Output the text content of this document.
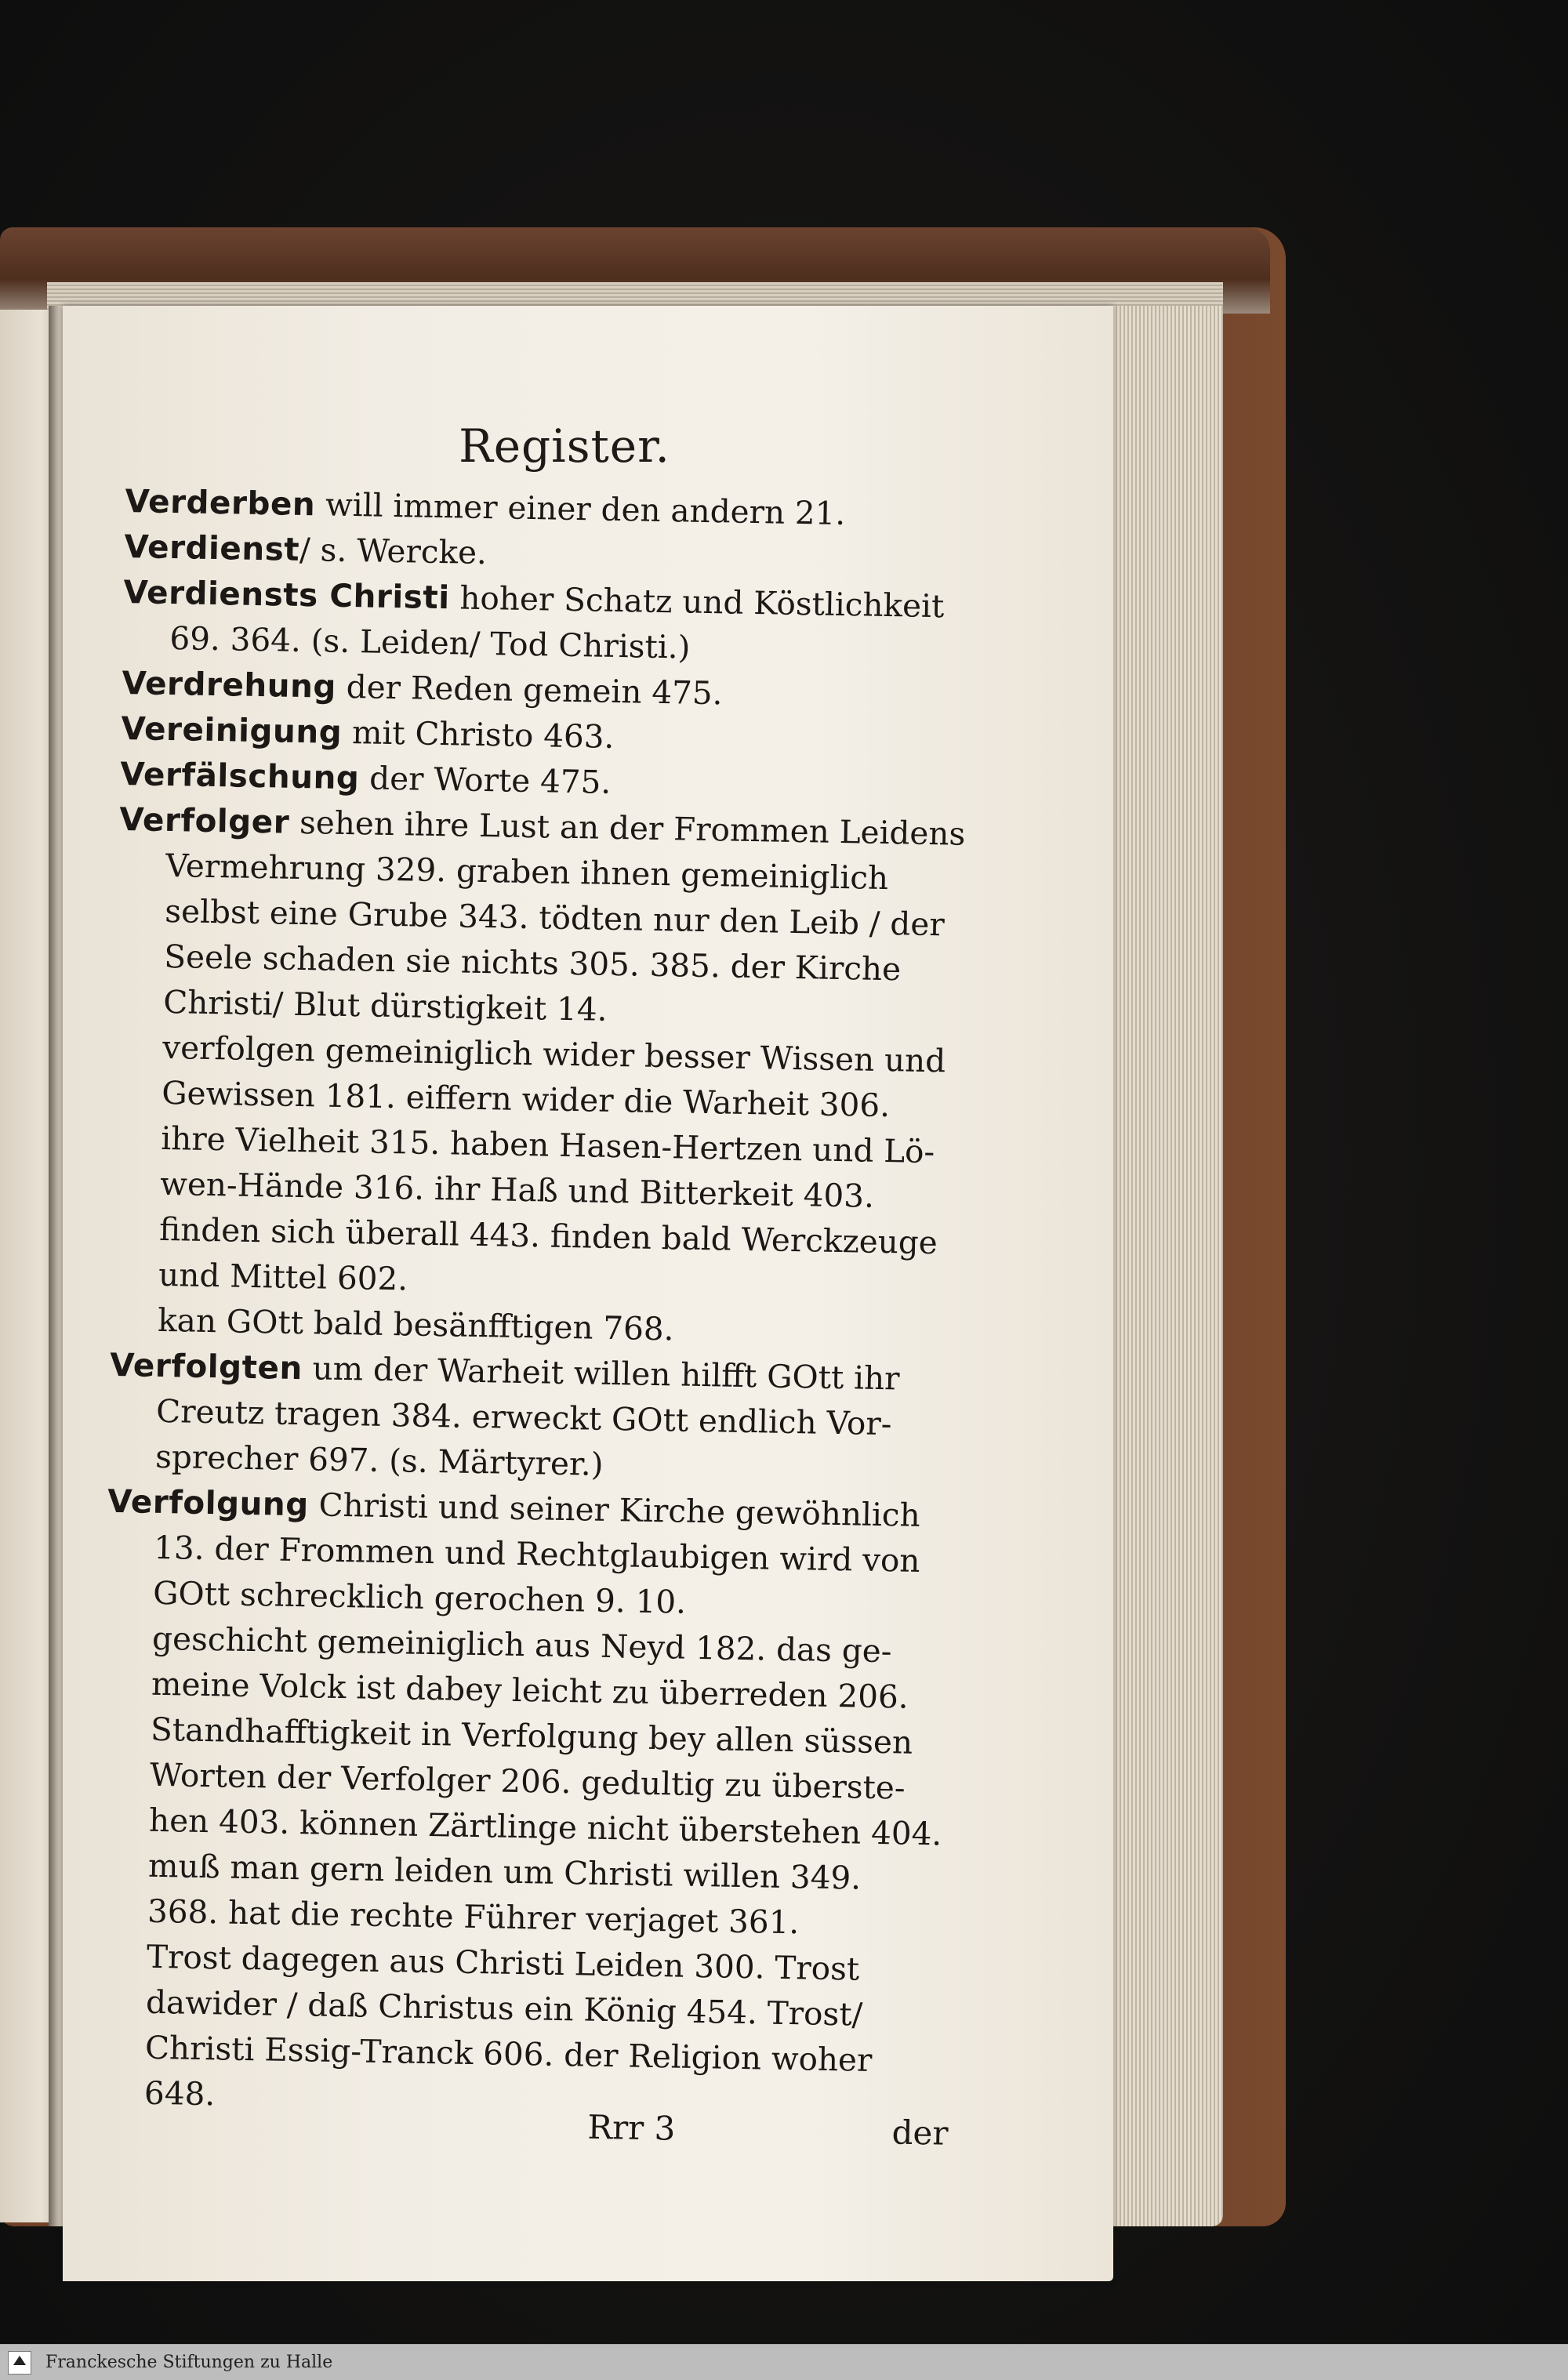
Register.
Verderben will immer einer den andern 21.
Verdienst/ s. Wercke.
Verdiensts Christi hoher Schatz und Köstlichkeit
69. 364. (s. Leiden/ Tod Christi.)
Verdrehung der Reden gemein 475.
Vereinigung mit Christo 463.
Verfälschung der Worte 475.
Verfolger sehen ihre Lust an der Frommen Leidens
Vermehrung 329. graben ihnen gemeiniglich
selbst eine Grube 343. tödten nur den Leib / der
Seele schaden sie nichts 305. 385. der Kirche
Christi/ Blut dürstigkeit 14.
verfolgen gemeiniglich wider besser Wissen und
Gewissen 181. eiffern wider die Warheit 306.
ihre Vielheit 315. haben Hasen-Hertzen und Lö-
wen-Hände 316. ihr Haß und Bitterkeit 403.
finden sich überall 443. finden bald Werckzeuge
und Mittel 602.
kan GOtt bald besänfftigen 768.
Verfolgten um der Warheit willen hilfft GOtt ihr
Creutz tragen 384. erweckt GOtt endlich Vor-
sprecher 697. (s. Märtyrer.)
Verfolgung Christi und seiner Kirche gewöhnlich
13. der Frommen und Rechtglaubigen wird von
GOtt schrecklich gerochen 9. 10.
geschicht gemeiniglich aus Neyd 182. das ge-
meine Volck ist dabey leicht zu überreden 206.
Standhafftigkeit in Verfolgung bey allen süssen
Worten der Verfolger 206. gedultig zu überste-
hen 403. können Zärtlinge nicht überstehen 404.
muß man gern leiden um Christi willen 349.
368. hat die rechte Führer verjaget 361.
Trost dagegen aus Christi Leiden 300. Trost
dawider / daß Christus ein König 454. Trost/
Christi Essig-Tranck 606. der Religion woher
648.
Rrr 3	der
Franckesche Stiftungen zu Halle
